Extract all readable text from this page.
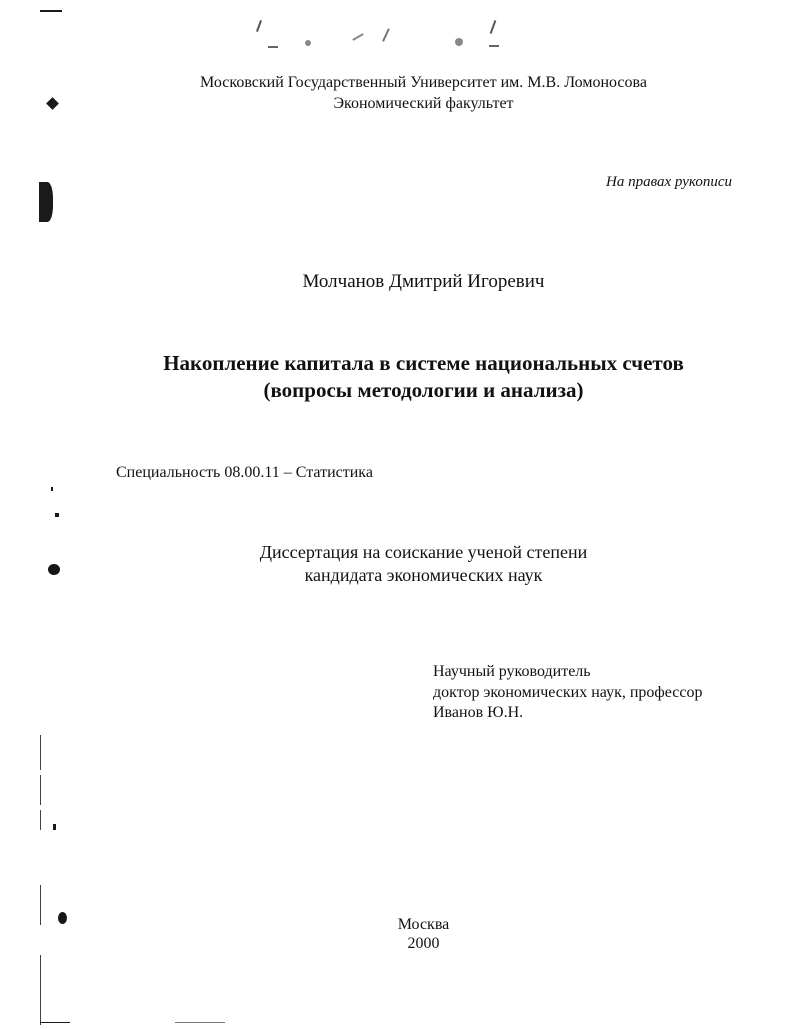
Московский Государственный Университет им. М.В. Ломоносова
Экономический факультет
На правах рукописи
Молчанов Дмитрий Игоревич
Накопление капитала в системе национальных счетов
(вопросы методологии и анализа)
Специальность 08.00.11 – Статистика
Диссертация на соискание ученой степени
кандидата экономических наук
Научный руководитель
доктор экономических наук, профессор
Иванов Ю.Н.
Москва
2000
